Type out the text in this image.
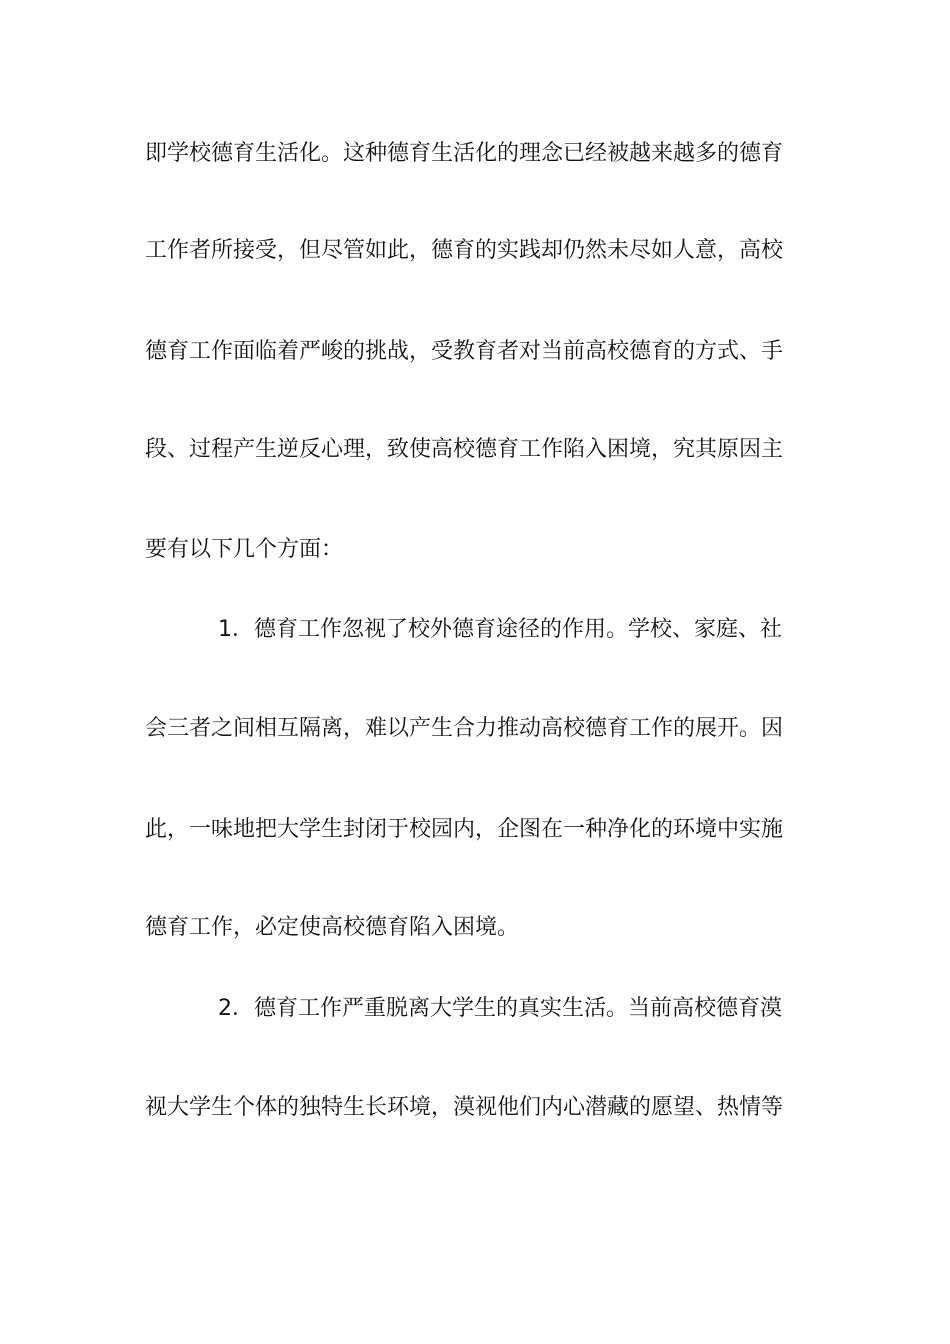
即学校德育生活化。这种德育生活化的理念已经被越来越多的德育
工作者所接受，但尽管如此，德育的实践却仍然未尽如人意，高校
德育工作面临着严峻的挑战，受教育者对当前高校德育的方式、手
段、过程产生逆反心理，致使高校德育工作陷入困境，究其原因主
要有以下几个方面：
1．德育工作忽视了校外德育途径的作用。学校、家庭、社
会三者之间相互隔离，难以产生合力推动高校德育工作的展开。因
此，一味地把大学生封闭于校园内，企图在一种净化的环境中实施
德育工作，必定使高校德育陷入困境。
2．德育工作严重脱离大学生的真实生活。当前高校德育漠
视大学生个体的独特生长环境，漠视他们内心潜藏的愿望、热情等
